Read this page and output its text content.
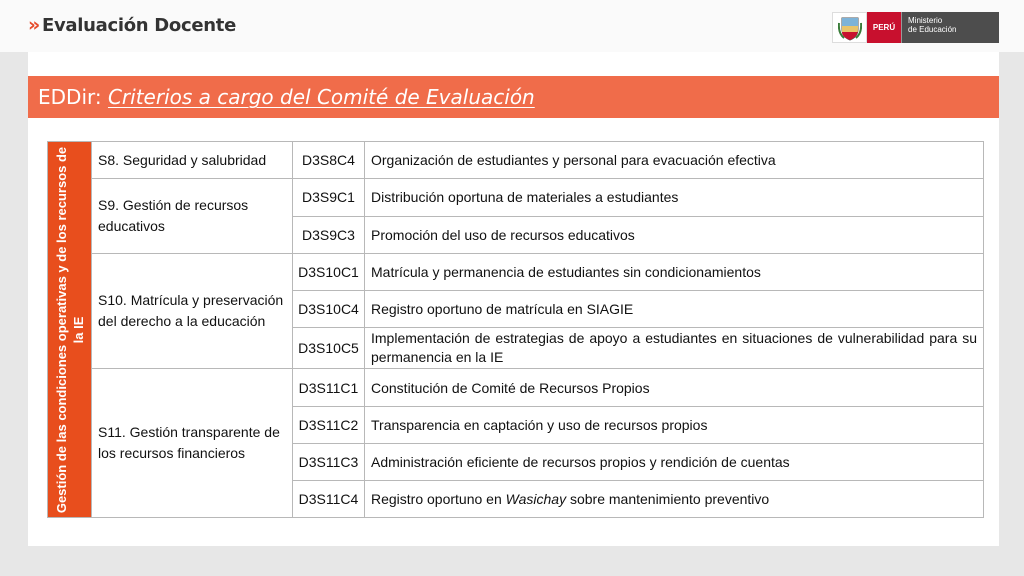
» Evaluación Docente	PERÚ
Ministerio
de Educación
EDDir: Criterios a cargo del Comité de Evaluación
Gestión de las condiciones operativas y de los recursos de la IE	S8. Seguridad y salubridad	D3S8C4	Organización de estudiantes y personal para evacuación efectiva
	S9. Gestión de recursos educativos	D3S9C1	Distribución oportuna de materiales a estudiantes
		D3S9C3	Promoción del uso de recursos educativos
	S10. Matrícula y preservación del derecho a la educación	D3S10C1	Matrícula y permanencia de estudiantes sin condicionamientos
		D3S10C4	Registro oportuno de matrícula en SIAGIE
		D3S10C5	Implementación de estrategias de apoyo a estudiantes en situaciones de vulnerabilidad para su permanencia en la IE
	S11. Gestión transparente de los recursos financieros	D3S11C1	Constitución de Comité de Recursos Propios
		D3S11C2	Transparencia en captación y uso de recursos propios
		D3S11C3	Administración eficiente de recursos propios y rendición de cuentas
		D3S11C4	Registro oportuno en Wasichay sobre mantenimiento preventivo
